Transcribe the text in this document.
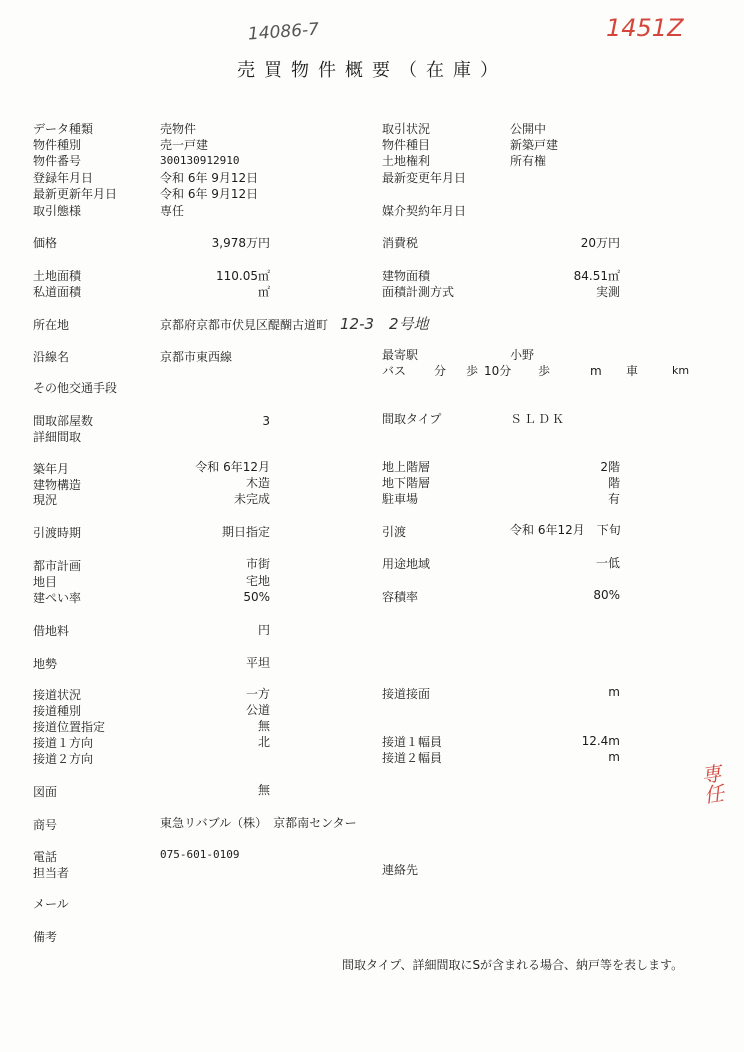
14086-7	1451Z
専任
売買物件概要（在庫）
データ種類	売物件	取引状況	公開中
物件種別	売一戸建	物件種目	新築戸建
物件番号	300130912910	土地権利	所有権
登録年月日	令和 6年 9月12日	最新変更年月日
最新更新年月日	令和 6年 9月12日
取引態様	専任	媒介契約年月日
価格	3,978万円	消費税	20万円
土地面積	110.05㎡	建物面積	84.51㎡
私道面積	㎡	面積計測方式	実測
所在地	京都府京都市伏見区醍醐古道町 12-3　2号地
沿線名	京都市東西線	最寄駅	小野
バス 分 歩 10分 歩	m 車	km
その他交通手段
間取部屋数	3	間取タイプ	ＳＬＤＫ
詳細間取
築年月	令和 6年12月	地上階層	2階
建物構造	木造	地下階層	階
現況	未完成	駐車場	有
引渡時期	期日指定	引渡	令和 6年12月　下旬
都市計画	市街	用途地域	一低
地目	宅地
建ぺい率	50%	容積率	80%
借地料	円
地勢	平坦
接道状況	一方	接道接面	m
接道種別	公道
接道位置指定	無
接道１方向	北	接道１幅員	12.4m
接道２方向	接道２幅員	m
図面	無
商号	東急リバブル（株）　京都南センター
電話	075-601-0109
担当者	連絡先
メール
備考
間取タイプ、詳細間取にSが含まれる場合、納戸等を表します。
